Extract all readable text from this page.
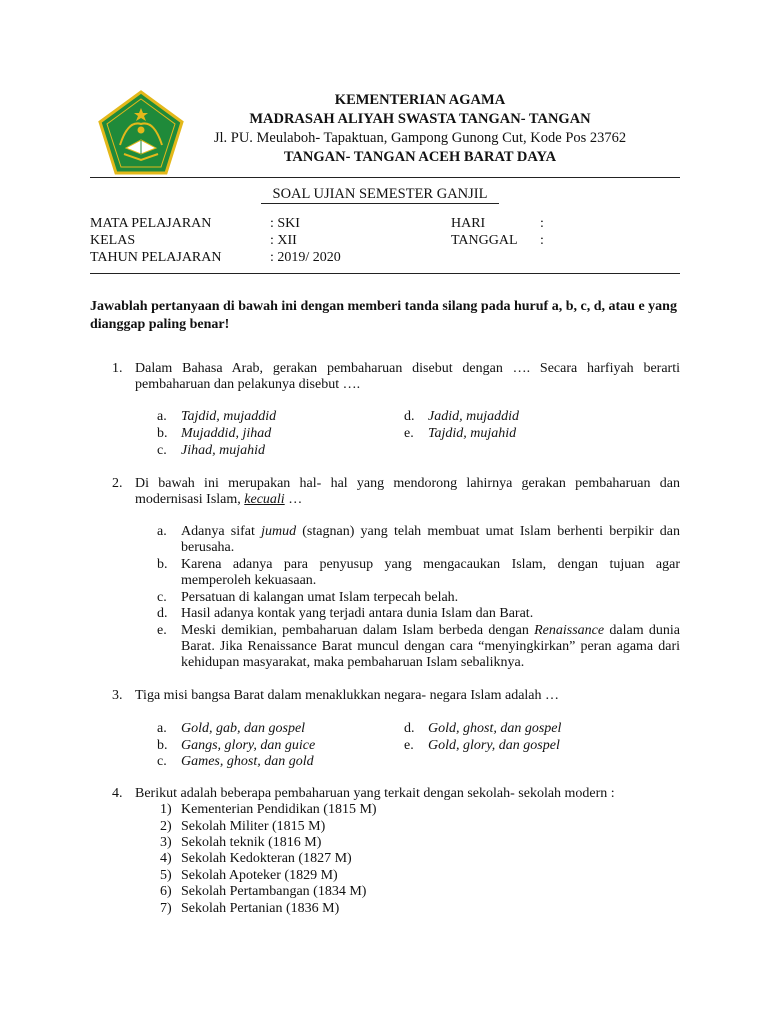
KEMENTERIAN AGAMA
MADRASAH ALIYAH SWASTA TANGAN- TANGAN
Jl. PU. Meulaboh- Tapaktuan, Gampong Gunong Cut, Kode Pos 23762
TANGAN- TANGAN ACEH BARAT DAYA
SOAL UJIAN SEMESTER GANJIL
MATA PELAJARAN	: SKI
KELAS	: XII
TAHUN PELAJARAN	: 2019/ 2020
HARI	:
TANGGAL :
Jawablah pertanyaan di bawah ini dengan memberi tanda silang pada huruf a, b, c, d, atau e yang dianggap paling benar!
1. Dalam Bahasa Arab, gerakan pembaharuan disebut dengan …. Secara harfiyah berarti pembaharuan dan pelakunya disebut ….
a. Tajdid, mujaddid
b. Mujaddid, jihad
c. Jihad, mujahid
d. Jadid, mujaddid
e. Tajdid, mujahid
2. Di bawah ini merupakan hal- hal yang mendorong lahirnya gerakan pembaharuan dan modernisasi Islam, kecuali …
a. Adanya sifat jumud (stagnan) yang telah membuat umat Islam berhenti berpikir dan berusaha.
b. Karena adanya para penyusup yang mengacaukan Islam, dengan tujuan agar memperoleh kekuasaan.
c. Persatuan di kalangan umat Islam terpecah belah.
d. Hasil adanya kontak yang terjadi antara dunia Islam dan Barat.
e. Meski demikian, pembaharuan dalam Islam berbeda dengan Renaissance dalam dunia Barat. Jika Renaissance Barat muncul dengan cara “menyingkirkan” peran agama dari kehidupan masyarakat, maka pembaharuan Islam sebaliknya.
3. Tiga misi bangsa Barat dalam menaklukkan negara- negara Islam adalah …
a. Gold, gab, dan gospel
b. Gangs, glory, dan guice
c. Games, ghost, dan gold
d. Gold, ghost, dan gospel
e. Gold, glory, dan gospel
4. Berikut adalah beberapa pembaharuan yang terkait dengan sekolah- sekolah modern :
1) Kementerian Pendidikan (1815 M)
2) Sekolah Militer (1815 M)
3) Sekolah teknik (1816 M)
4) Sekolah Kedokteran (1827 M)
5) Sekolah Apoteker (1829 M)
6) Sekolah Pertambangan (1834 M)
7) Sekolah Pertanian (1836 M)
